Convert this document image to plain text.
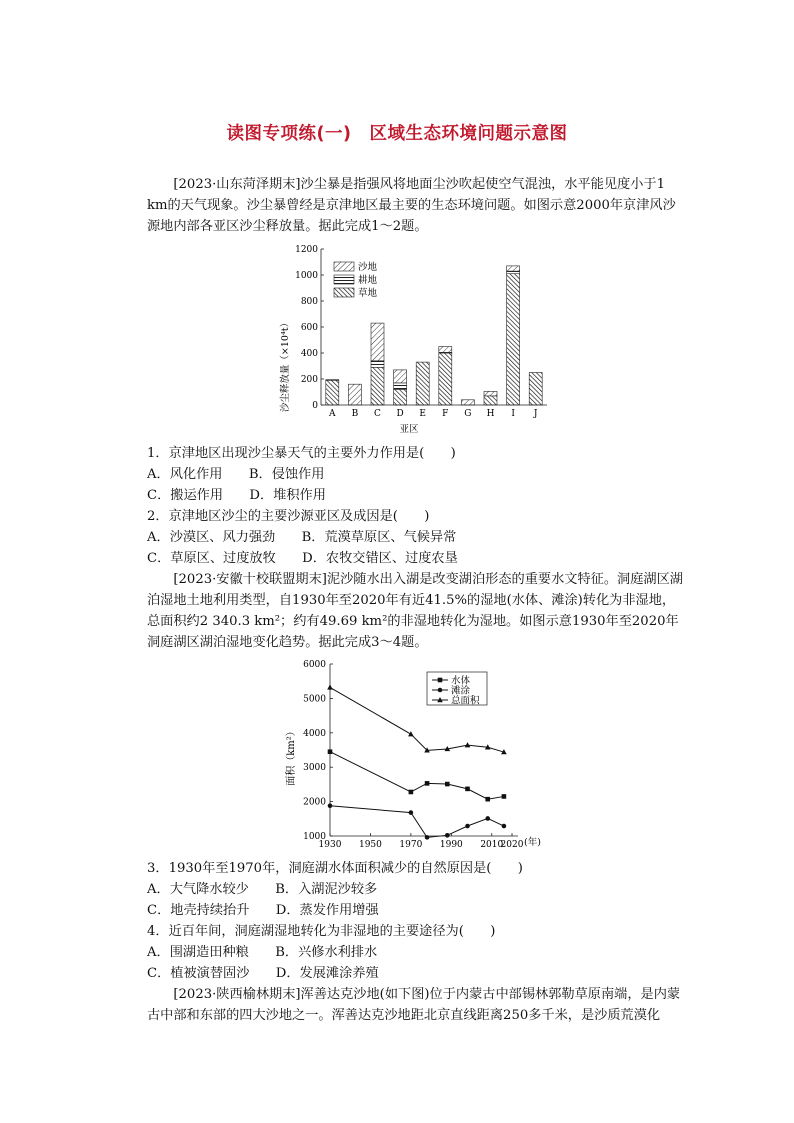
读图专项练(一)　区域生态环境问题示意图

[2023·山东菏泽期末]沙尘暴是指强风将地面尘沙吹起使空气混浊，水平能见度小于1 km的天气现象。沙尘暴曾经是京津地区最主要的生态环境问题。如图示意2000年京津风沙源地内部各亚区沙尘释放量。据此完成1～2题。

0
200
400
600
800
1000
1200
A B C D E F G H I J
沙地
耕地
草地
沙尘释放量（×10⁴t）
亚区
1．京津地区出现沙尘暴天气的主要外力作用是(　　)
A．风化作用　　B．侵蚀作用
C．搬运作用　　D．堆积作用
2．京津地区沙尘的主要沙源亚区及成因是(　　)
A．沙漠区、风力强劲　　B．荒漠草原区、气候异常
C．草原区、过度放牧　　D．农牧交错区、过度农垦

[2023·安徽十校联盟期末]泥沙随水出入湖是改变湖泊形态的重要水文特征。洞庭湖区湖泊湿地土地利用类型，自1930年至2020年有近41.5%的湿地(水体、滩涂)转化为非湿地，总面积约2 340.3 km²；约有49.69 km²的非湿地转化为湿地。如图示意1930年至2020年洞庭湖区湖泊湿地变化趋势。据此完成3～4题。

1000
2000
3000
4000
5000
6000
1930 1950 1970 1990 2010
2020
水体
滩涂
总面积
面积（km²）
(年)
3．1930年至1970年，洞庭湖水体面积减少的自然原因是(　　)
A．大气降水较少　　B．入湖泥沙较多
C．地壳持续抬升　　D．蒸发作用增强
4．近百年间，洞庭湖湿地转化为非湿地的主要途径为(　　)
A．围湖造田种粮　　B．兴修水利排水
C．植被演替固沙　　D．发展滩涂养殖

[2023·陕西榆林期末]浑善达克沙地(如下图)位于内蒙古中部锡林郭勒草原南端，是内蒙古中部和东部的四大沙地之一。浑善达克沙地距北京直线距离250多千米，是沙质荒漠化
